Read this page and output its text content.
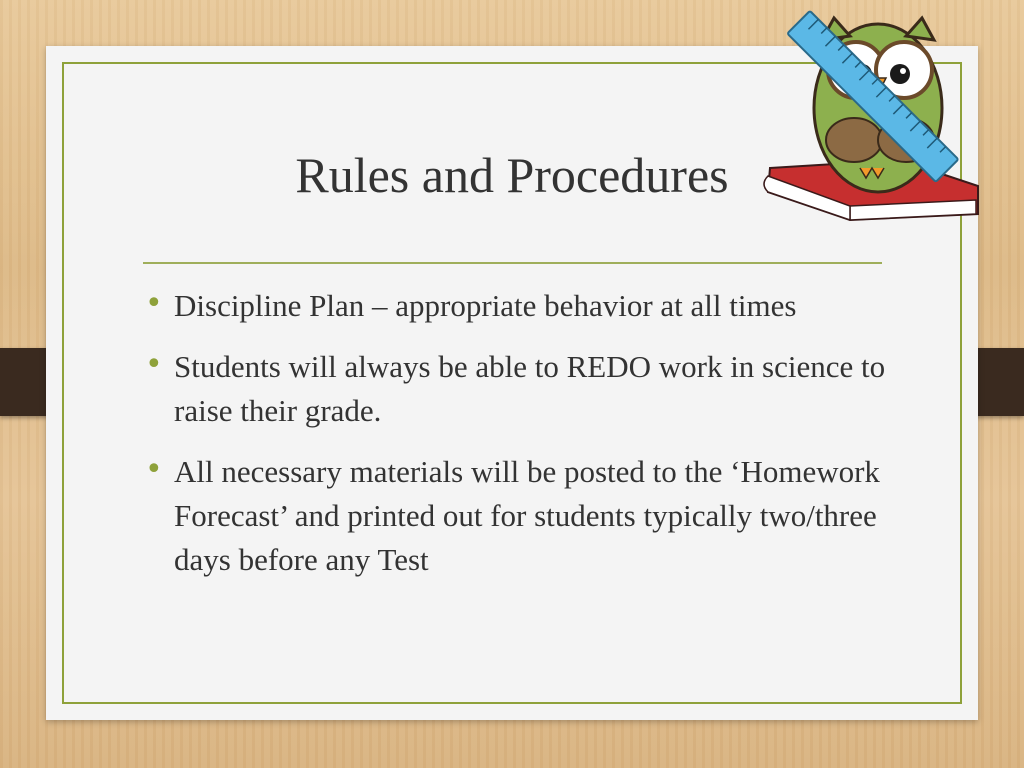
Rules and Procedures
• Discipline Plan – appropriate behavior at all times
• Students will always be able to REDO work in science to raise their grade.
• All necessary materials will be posted to the ‘Homework Forecast’ and printed out for students typically two/three days before any Test
